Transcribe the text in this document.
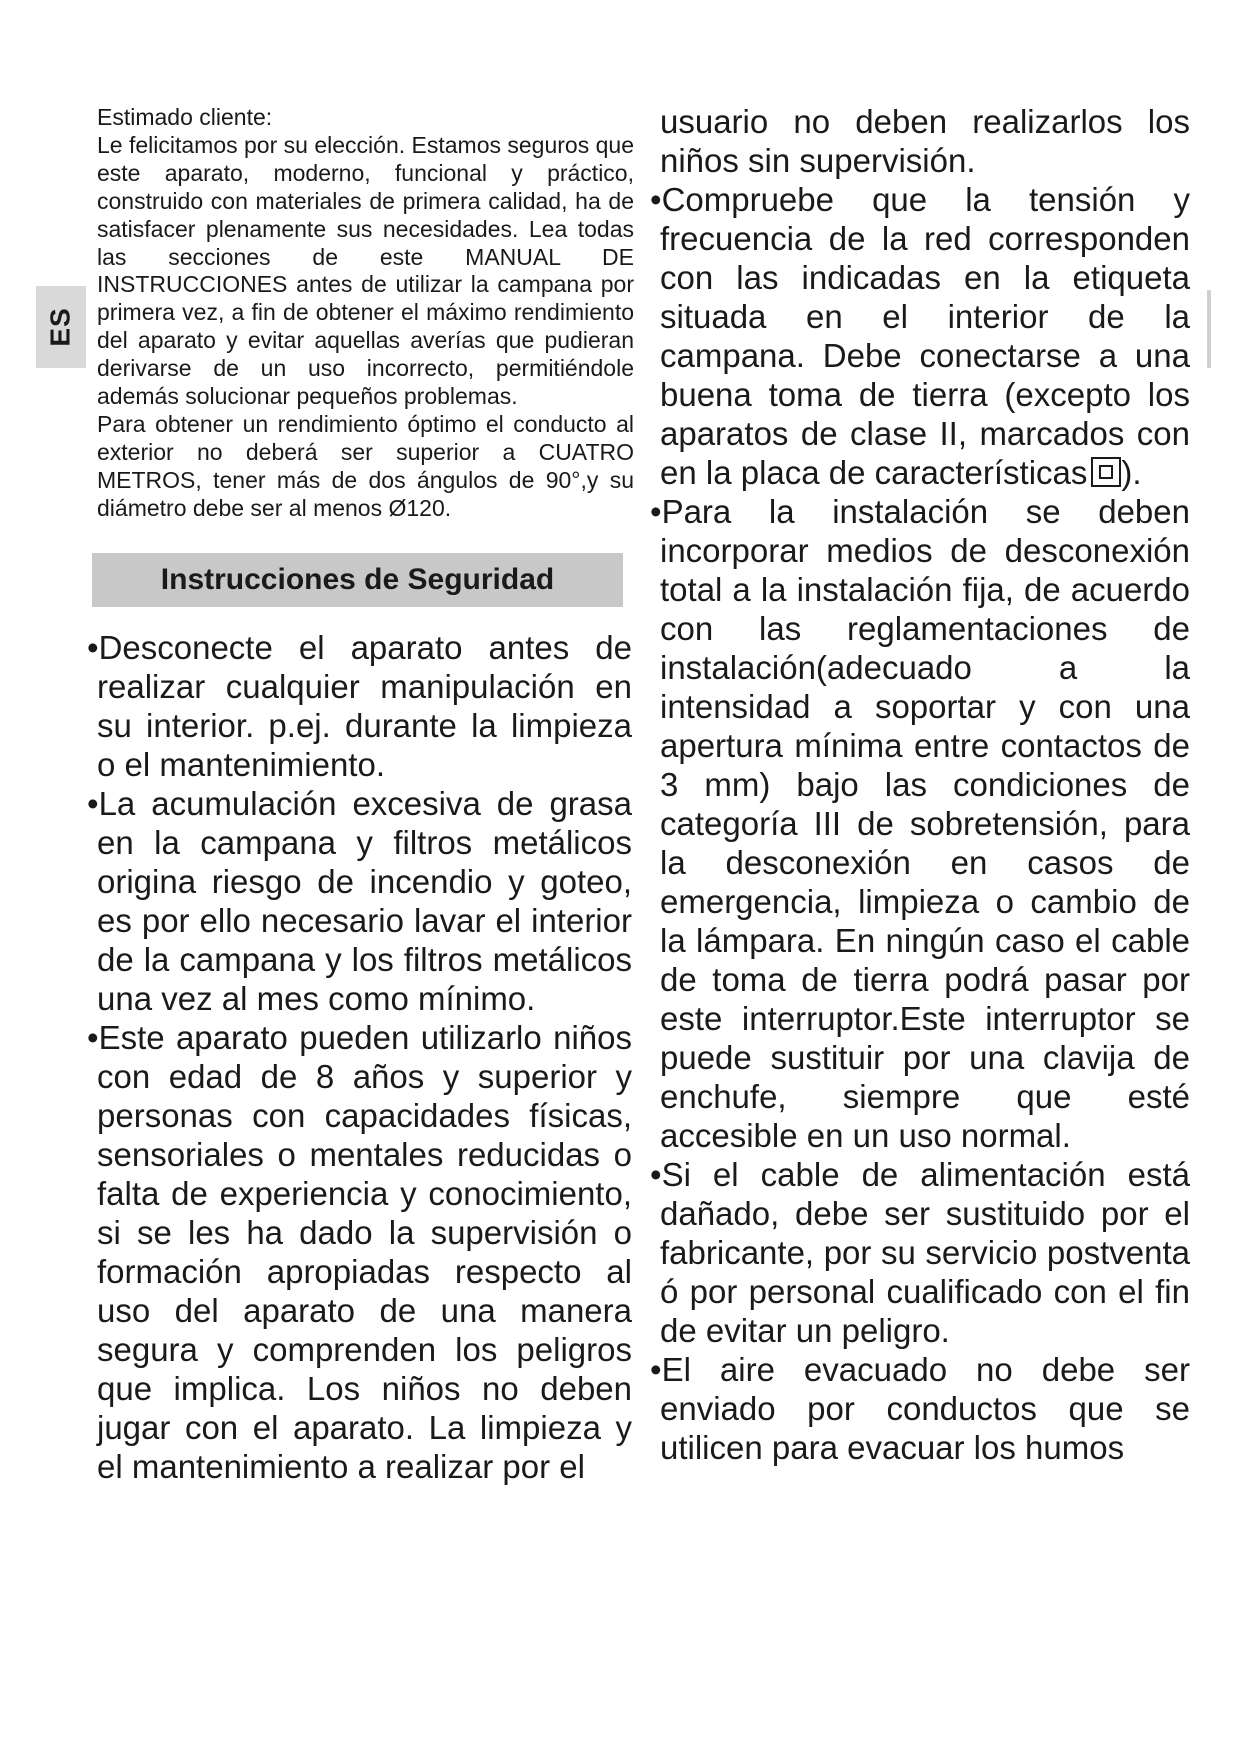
ES

Estimado cliente:

Le felicitamos por su elección. Estamos seguros que este aparato, moderno, funcional y práctico, construido con materiales de primera calidad, ha de satisfacer plenamente sus necesidades. Lea todas las secciones de este MANUAL DE INSTRUCCIONES antes de utilizar la campana por primera vez, a fin de obtener el máximo rendimiento del aparato y evitar aquellas averías que pudieran derivarse de un uso incorrecto, permitiéndole además solucionar pequeños problemas.

Para obtener un rendimiento óptimo el conducto al exterior no deberá ser superior a CUATRO METROS, tener más de dos ángulos de 90°,y su diámetro debe ser al menos Ø120.

Instrucciones de Seguridad

•Desconecte el aparato antes de realizar cualquier manipulación en su interior. p.ej. durante la limpieza o el mantenimiento.

•La acumulación excesiva de grasa en la campana y filtros metálicos origina riesgo de incendio y goteo, es por ello necesario lavar el interior de la campana y los filtros metálicos una vez al mes como mínimo.

•Este aparato pueden utilizarlo niños con edad de 8 años y superior y personas con capacidades físicas, sensoriales o mentales reducidas o falta de experiencia y conocimiento, si se les ha dado la supervisión o formación apropiadas respecto al uso del aparato de una manera segura y comprenden los peligros que implica. Los niños no deben jugar con el aparato. La limpieza y el mantenimiento a realizar por el

usuario no deben realizarlos los niños sin supervisión.

•Compruebe que la tensión y frecuencia de la red corresponden con las indicadas en la etiqueta situada en el interior de la campana. Debe conectarse a una buena toma de tierra (excepto los aparatos de clase II, marcados con en la placa de características ).

•Para la instalación se deben incorporar medios de desconexión total a la instalación fija, de acuerdo con las reglamentaciones de instalación(adecuado a la intensidad a soportar y con una apertura mínima entre contactos de 3 mm) bajo las condiciones de categoría III de sobretensión, para la desconexión en casos de emergencia, limpieza o cambio de la lámpara. En ningún caso el cable de toma de tierra podrá pasar por este interruptor.Este interruptor se puede sustituir por una clavija de enchufe, siempre que esté accesible en un uso normal.

•Si el cable de alimentación está dañado, debe ser sustituido por el fabricante, por su servicio postventa ó por personal cualificado con el fin de evitar un peligro.

•El aire evacuado no debe ser enviado por conductos que se utilicen para evacuar los humos
